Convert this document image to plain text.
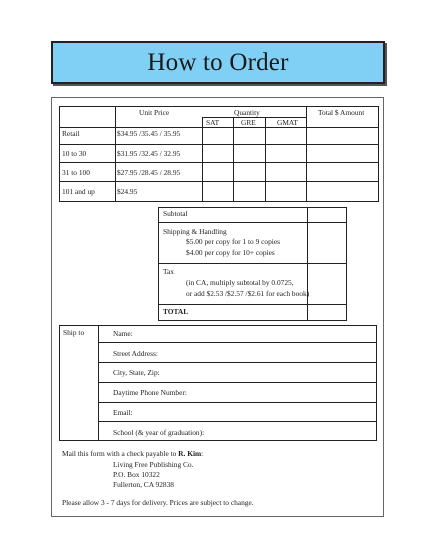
How to Order
Unit Price	Quantity	Total $ Amount
SAT	GRE	GMAT
Retail	$34.95 /35.45 / 35.95
10 to 30	$31.95 /32.45 / 32.95
31 to 100	$27.95 /28.45 / 28.95
101 and up	$24.95
Subtotal
Shipping & Handling
$5.00 per copy for 1 to 9 copies
$4.00 per copy for 10+ copies
Tax
(in CA, multiply subtotal by 0.0725,
or add $2.53 /$2.57 /$2.61 for each book)
TOTAL
Ship to	Name:
Street Address:
City, State, Zip:
Daytime Phone Number:
Email:
School (& year of graduation):
Mail this form with a check payable to R. Kim:
Living Free Publishing Co.
P.O. Box 10322
Fullerton, CA 92838
Please allow 3 - 7 days for delivery. Prices are subject to change.
